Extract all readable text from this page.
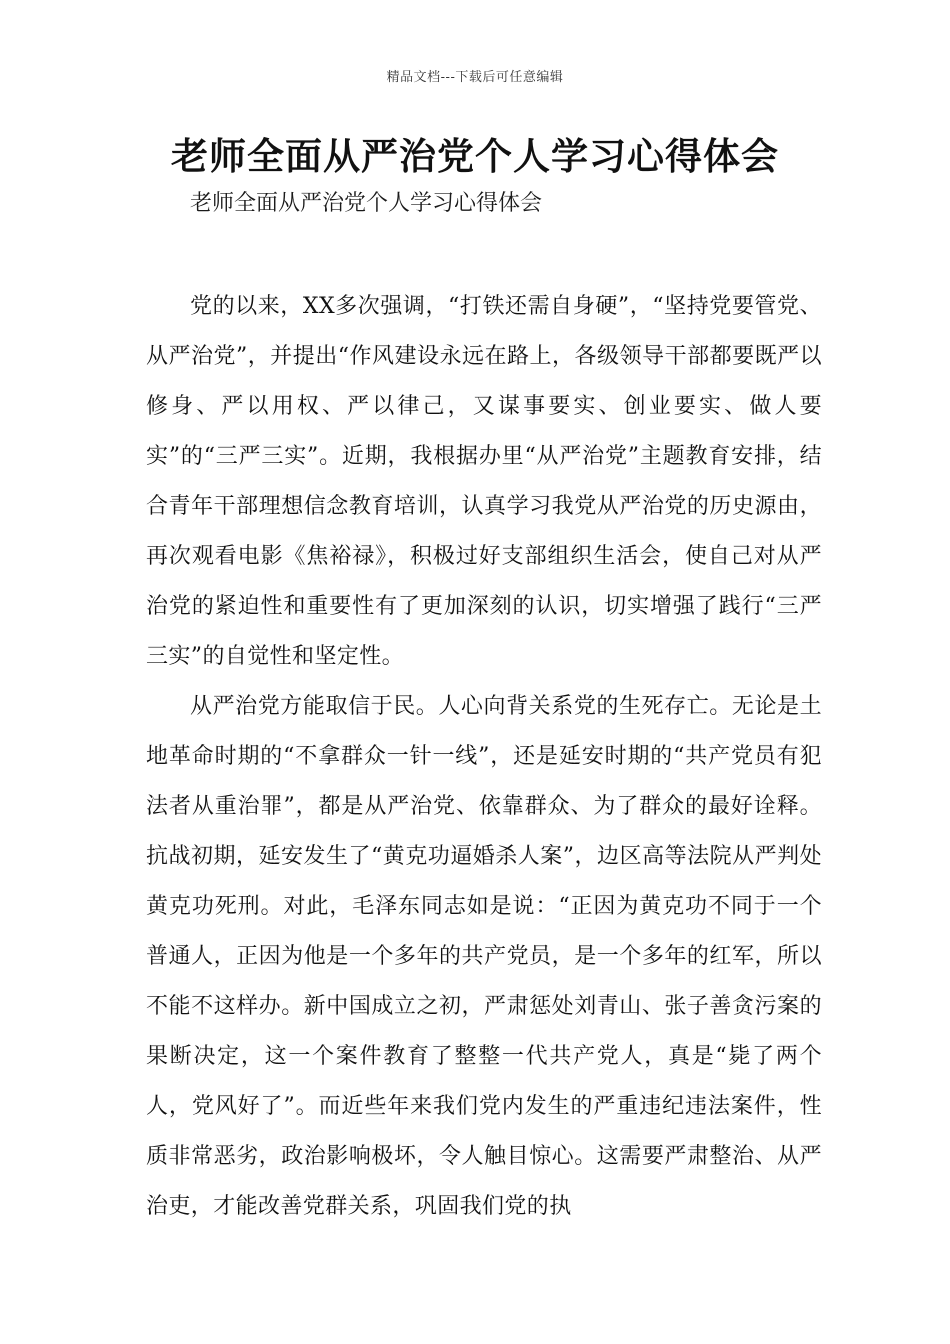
精品文档---下载后可任意编辑
老师全面从严治党个人学习心得体会
老师全面从严治党个人学习心得体会

党的以来，XX多次强调，“打铁还需自身硬”，“坚持党要管党、从严治党”，并提出“作风建设永远在路上，各级领导干部都要既严以修身、严以用权、严以律己，又谋事要实、创业要实、做人要实”的“三严三实”。近期，我根据办里“从严治党”主题教育安排，结合青年干部理想信念教育培训，认真学习我党从严治党的历史源由，再次观看电影《焦裕禄》，积极过好支部组织生活会，使自己对从严治党的紧迫性和重要性有了更加深刻的认识，切实增强了践行“三严三实”的自觉性和坚定性。

从严治党方能取信于民。人心向背关系党的生死存亡。无论是土地革命时期的“不拿群众一针一线”，还是延安时期的“共产党员有犯法者从重治罪”，都是从严治党、依靠群众、为了群众的最好诠释。抗战初期，延安发生了“黄克功逼婚杀人案”，边区高等法院从严判处黄克功死刑。对此，毛泽东同志如是说：“正因为黄克功不同于一个普通人，正因为他是一个多年的共产党员，是一个多年的红军，所以不能不这样办。新中国成立之初，严肃惩处刘青山、张子善贪污案的果断决定，这一个案件教育了整整一代共产党人，真是“毙了两个人，党风好了”。而近些年来我们党内发生的严重违纪违法案件，性质非常恶劣，政治影响极坏，令人触目惊心。这需要严肃整治、从严治吏，才能改善党群关系，巩固我们党的执
